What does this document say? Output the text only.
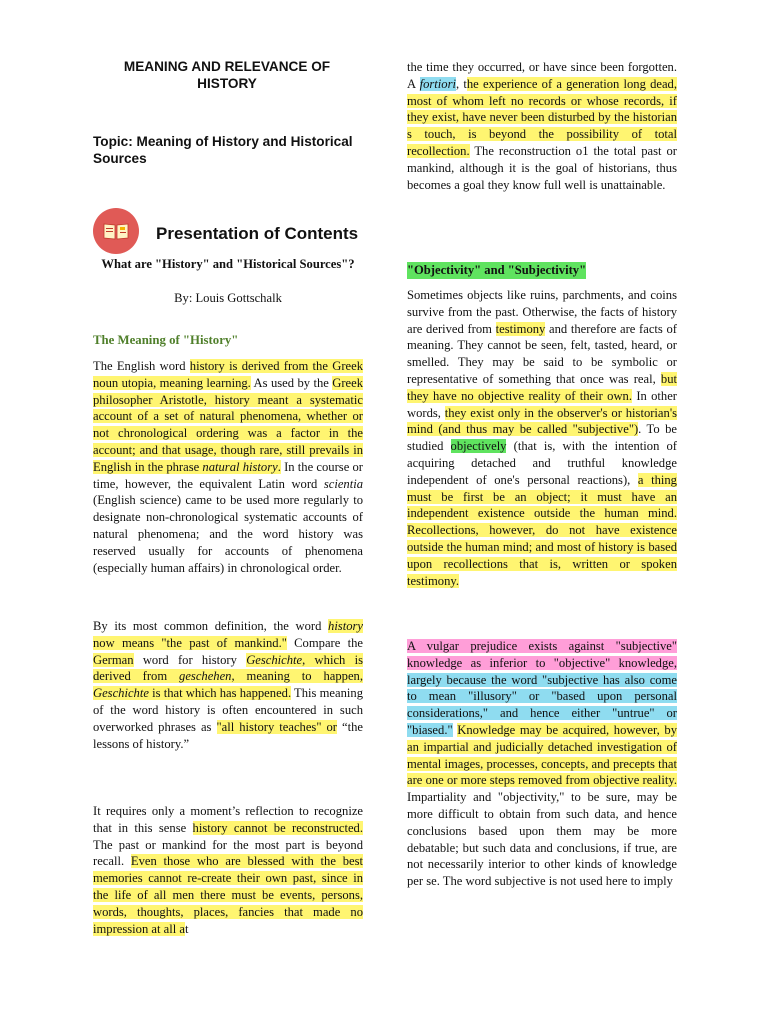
MEANING AND RELEVANCE OF HISTORY
Topic: Meaning of History and Historical Sources
Presentation of Contents
What are "History" and "Historical Sources"?
By: Louis Gottschalk
The Meaning of "History"
The English word history is derived from the Greek noun utopia, meaning learning. As used by the Greek philosopher Aristotle, history meant a systematic account of a set of natural phenomena, whether or not chronological ordering was a factor in the account; and that usage, though rare, still prevails in English in the phrase natural history. In the course or time, however, the equivalent Latin word scientia (English science) came to be used more regularly to designate non-chronological systematic accounts of natural phenomena; and the word history was reserved usually for accounts of phenomena (especially human affairs) in chronological order.
By its most common definition, the word history now means "the past of mankind." Compare the German word for history Geschichte, which is derived from geschehen, meaning to happen, Geschichte is that which has happened. This meaning of the word history is often encountered in such overworked phrases as "all history teaches" or “the lessons of history.”
It requires only a moment’s reflection to recognize that in this sense history cannot be reconstructed. The past or mankind for the most part is beyond recall. Even those who are blessed with the best memories cannot re-create their own past, since in the life of all men there must be events, persons, words, thoughts, places, fancies that made no impression at all at
the time they occurred, or have since been forgotten. A fortiori, the experience of a generation long dead, most of whom left no records or whose records, if they exist, have never been disturbed by the historian s touch, is beyond the possibility of total recollection. The reconstruction o1 the total past or mankind, although it is the goal of historians, thus becomes a goal they know full well is unattainable.
"Objectivity" and "Subjectivity"
Sometimes objects like ruins, parchments, and coins survive from the past. Otherwise, the facts of history are derived from testimony and therefore are facts of meaning. They cannot be seen, felt, tasted, heard, or smelled. They may be said to be symbolic or representative of something that once was real, but they have no objective reality of their own. In other words, they exist only in the observer's or historian's mind (and thus may be called "subjective"). To be studied objectively (that is, with the intention of acquiring detached and truthful knowledge independent of one's personal reactions), a thing must be first be an object; it must have an independent existence outside the human mind. Recollections, however, do not have existence outside the human mind; and most of history is based upon recollections that is, written or spoken testimony.
A vulgar prejudice exists against "subjective" knowledge as inferior to "objective" knowledge, largely because the word "subjective has also come to mean "illusory" or "based upon personal considerations," and hence either "untrue" or "biased." Knowledge may be acquired, however, by an impartial and judicially detached investigation of mental images, processes, concepts, and precepts that are one or more steps removed from objective reality. Impartiality and "objectivity," to be sure, may be more difficult to obtain from such data, and hence conclusions based upon them may be more debatable; but such data and conclusions, if true, are not necessarily interior to other kinds of knowledge per se. The word subjective is not used here to imply
